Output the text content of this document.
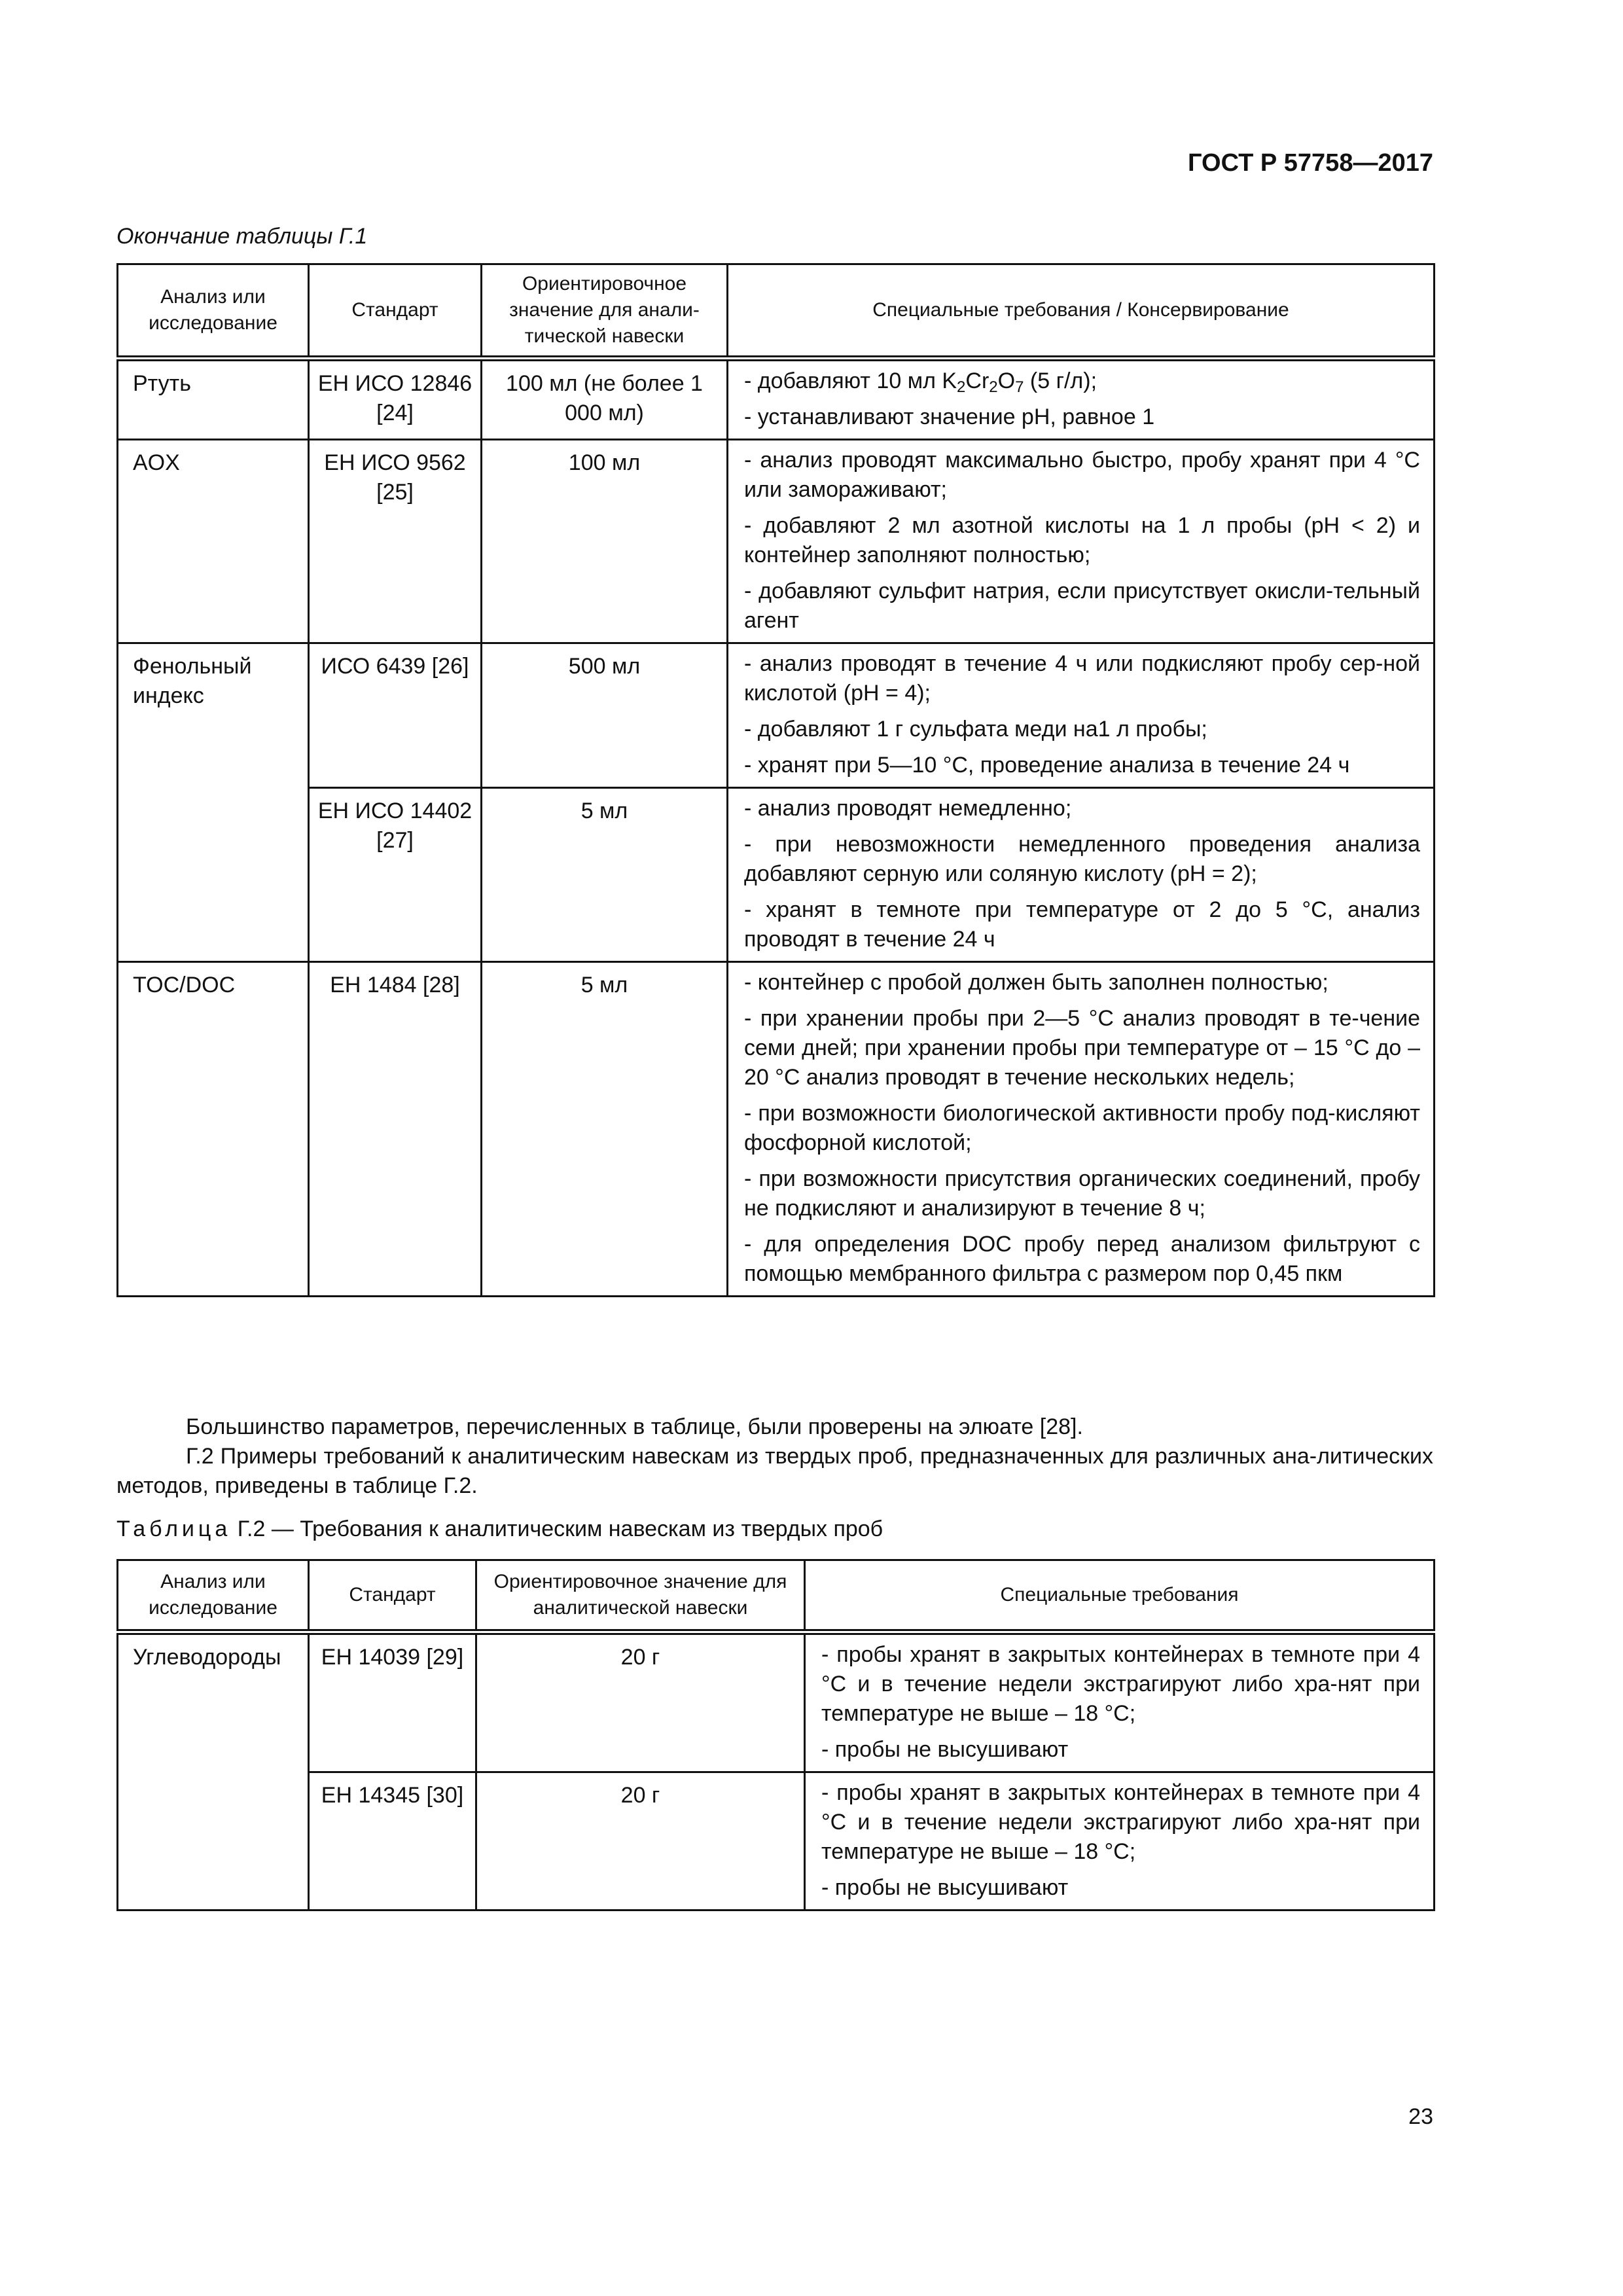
ГОСТ Р 57758—2017
Окончание таблицы Г.1
Анализ или исследование	Стандарт	Ориентировочное значение для анали-тической навески	Специальные требования / Консервирование
Ртуть	ЕН ИСО 12846 [24]	100 мл (не более 1 000 мл)	- добавляют 10 мл $K_2Cr_2O_7$ (5 г/л);

- устанавливают значение pH, равное 1

AOX	ЕН ИСО 9562 [25]	100 мл	- анализ проводят максимально быстро, пробу хранят при 4 °С или замораживают;

- добавляют 2 мл азотной кислоты на 1 л пробы (рН < 2) и контейнер заполняют полностью;

- добавляют сульфит натрия, если присутствует окисли-тельный агент

Фенольный индекс	ИСО 6439 [26]	500 мл	- анализ проводят в течение 4 ч или подкисляют пробу сер-ной кислотой (рН = 4);

- добавляют 1 г сульфата меди на1 л пробы;

- хранят при 5—10 °С, проведение анализа в течение 24 ч

	ЕН ИСО 14402 [27]	5 мл	- анализ проводят немедленно;

- при невозможности немедленного проведения анализа добавляют серную или соляную кислоту (рН = 2);

- хранят в темноте при температуре от 2 до 5 °С, анализ проводят в течение 24 ч

TOC/DOC	ЕН 1484 [28]	5 мл	- контейнер с пробой должен быть заполнен полностью;

- при хранении пробы при 2—5 °С анализ проводят в те-чение семи дней; при хранении пробы при температуре от – 15 °С до – 20 °С анализ проводят в течение нескольких недель;

- при возможности биологической активности пробу под-кисляют фосфорной кислотой;

- при возможности присутствия органических соединений, пробу не подкисляют и анализируют в течение 8 ч;

- для определения DOC пробу перед анализом фильтруют с помощью мембранного фильтра с размером пор 0,45 пкм

Большинство параметров, перечисленных в таблице, были проверены на элюате [28].
Г.2 Примеры требований к аналитическим навескам из твердых проб, предназначенных для различных ана-литических методов, приведены в таблице Г.2.
Таблица Г.2 — Требования к аналитическим навескам из твердых проб
Анализ или исследование	Стандарт	Ориентировочное значение для аналитической навески	Специальные требования
Углеводороды	ЕН 14039 [29]	20 г	- пробы хранят в закрытых контейнерах в темноте при 4 °С и в течение недели экстрагируют либо хра-нят при температуре не выше – 18 °С;

- пробы не высушивают

	ЕН 14345 [30]	20 г	- пробы хранят в закрытых контейнерах в темноте при 4 °С и в течение недели экстрагируют либо хра-нят при температуре не выше – 18 °С;

- пробы не высушивают

23
